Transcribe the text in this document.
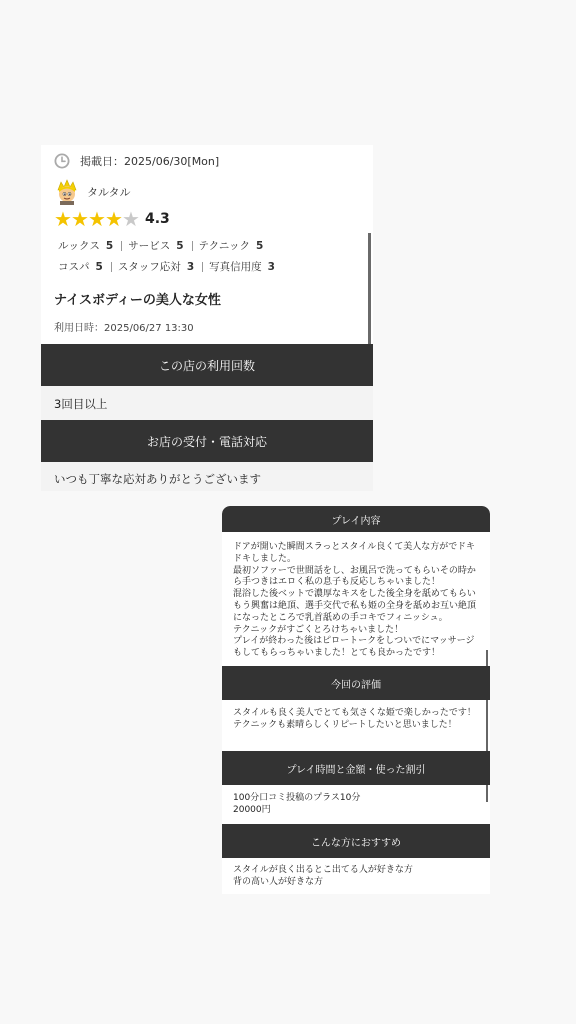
掲載日：2025/06/30[Mon]
タルタル
★ ★ ★ ★ ★ 4.3
ルックス 5 サービス 5 テクニック 5
コスパ 5 スタッフ応対 3 写真信用度 3
ナイスボディーの美人な女性
利用日時：2025/06/27 13:30
この店の利用回数
3回目以上
お店の受付・電話対応
いつも丁寧な応対ありがとうございます
プレイ内容
ドアが開いた瞬間スラっとスタイル良くて美人な方がでドキドキしました。
最初ソファーで世間話をし、お風呂で洗ってもらいその時から手つきはエロく私の息子も反応しちゃいました！
混浴した後ベットで濃厚なキスをした後全身を舐めてもらいもう興奮は絶頂、選手交代で私も姫の全身を舐めお互い絶頂になったところで乳首舐めの手コキでフィニッシュ。
テクニックがすごくとろけちゃいました！
プレイが終わった後はピロートークをしついでにマッサージもしてもらっちゃいました！とても良かったです！
今回の評価
スタイルも良く美人でとても気さくな姫で楽しかったです！
テクニックも素晴らしくリピートしたいと思いました！
プレイ時間と金額・使った割引
100分口コミ投稿のプラス10分
20000円
こんな方におすすめ
スタイルが良く出るとこ出てる人が好きな方
背の高い人が好きな方
